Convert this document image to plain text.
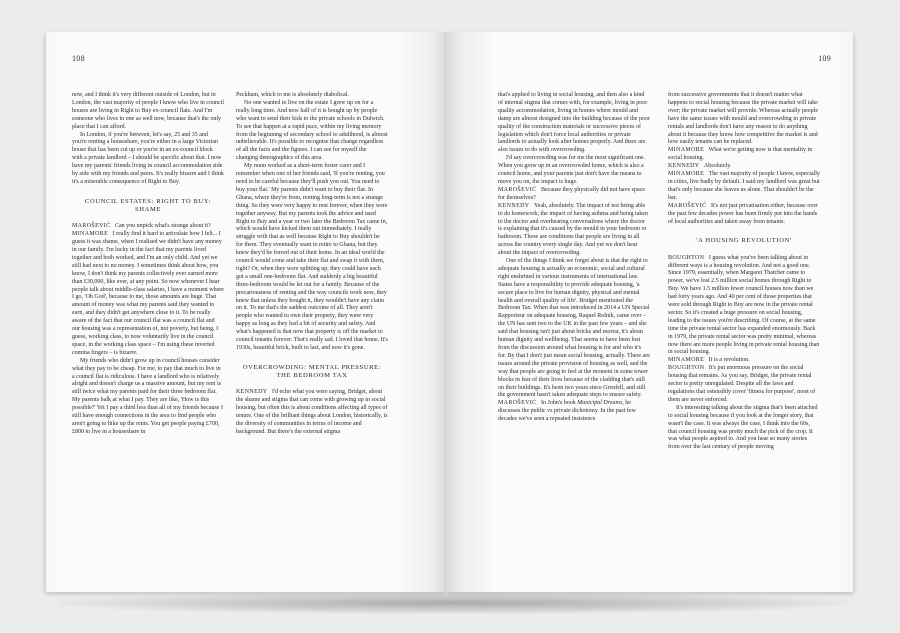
108

now, and I think it's very different outside of London, but in London, the vast majority of people I know who live in council houses are living in Right to Buy ex-council flats. And I'm someone who lives in one as well now, because that's the only place that I can afford.

In London, if you're between, let's say, 25 and 35 and you're renting a houseshare, you're either in a large Victorian house that has been cut up or you're in an ex-council block with a private landlord – I should be specific about that. I now have my parents' friends living in council accommodation side by side with my friends and peers. It's really bizarre and I think it's a miserable consequence of Right to Buy.

COUNCIL ESTATES: RIGHT TO BUY: SHAME

MAROŠEVIĆ Can you unpick what's strange about it?

MINAMORE I really find it hard to articulate how I felt... I guess it was shame, when I realised we didn't have any money in our family. I'm lucky in the fact that my parents lived together and both worked, and I'm an only child. And yet we still had next to no money. I sometimes think about how, you know, I don't think my parents collectively ever earned more than £30,000, like ever, at any point. So now whenever I hear people talk about middle-class salaries, I have a moment where I go, 'Oh God', because to me, those amounts are huge. That amount of money was what my parents said they wanted to earn, and they didn't get anywhere close to it. To be really aware of the fact that our council flat was a council flat and our housing was a representation of, not poverty, but being, I guess, working class, to now voluntarily live in the council space, in the working class space – I'm using these inverted comma fingers – is bizarre.

My friends who didn't grow up in council houses consider what they pay to be cheap. For me, to pay that much to live in a council flat is ridiculous. I have a landlord who is relatively alright and doesn't charge us a massive amount, but my rent is still twice what my parents paid for their three bedroom flat. My parents balk at what I pay. They are like, 'How is this possible?' Yet I pay a third less than all of my friends because I still have enough connections in the area to find people who aren't going to hike up the rents. You get people paying £700, £800 to live in a houseshare in

Peckham, which to me is absolutely diabolical.

No one wanted to live on the estate I grew up on for a really long time. And now half of it is bought up by people who want to send their kids to the private schools in Dulwich. To see that happen at a rapid pace, within my living memory from the beginning of secondary school to adulthood, is almost unbelievable. It's possible to recognise that change regardless of all the facts and the figures. I can see for myself the changing demographics of this area.

My mum worked as a short-term foster carer and I remember when one of her friends said, 'If you're renting, you need to be careful because they'll push you out. You need to buy your flat.' My parents didn't want to buy their flat. In Ghana, where they're from, renting long-term is not a strange thing. So they were very happy to rent forever, when they were together anyway. But my parents took the advice and used Right to Buy and a year or two later the Bedroom Tax came in, which would have kicked them out immediately. I really struggle with that as well because Right to Buy shouldn't be for them. They eventually want to retire to Ghana, but they knew they'd be forced out of their home. In an ideal world the council would come and take their flat and swap it with them, right? Or, when they were splitting up, they could have each got a small one-bedroom flat. And suddenly a big beautiful three-bedroom would be let out for a family. Because of the precariousness of renting and the way councils work now, they knew that unless they bought it, they wouldn't have any claim on it. To me that's the saddest outcome of all. They aren't people who wanted to own their property, they were very happy as long as they had a bit of security and safety. And what's happened is that now that property is off the market to council tenants forever. That's really sad. I loved that home. It's 1930s, beautiful brick, built to last, and now it's gone.

OVERCROWDING: MENTAL PRESSURE: THE BEDROOM TAX

KENNEDY I'd echo what you were saying, Bridget, about the shame and stigma that can come with growing up in social housing, but often this is about conditions affecting all types of tenure. One of the brilliant things about London, historically, is the diversity of communities in terms of income and background. But there's the external stigma

109

that's applied to living in social housing, and then also a kind of internal stigma that comes with, for example, living in poor quality accommodation, living in homes where mould and damp are almost designed into the building because of the poor quality of the construction materials or successive pieces of legislation which don't force local authorities or private landlords to actually look after homes properly. And there are also issues to do with overcrowding.

I'd say overcrowding was for me the most significant one. When you grow up in an overcrowded home, which is also a council home, and your parents just don't have the means to move you on, the impact is huge.

MAROŠEVIĆ Because they physically did not have space for themselves?

KENNEDY Yeah, absolutely. The impact of not being able to do homework; the impact of having asthma and being taken to the doctor and overhearing conversations where the doctor is explaining that it's caused by the mould in your bedroom or bathroom. These are conditions that people are living in all across the country every single day. And yet we don't hear about the impact of overcrowding.

One of the things I think we forget about is that the right to adequate housing is actually an economic, social and cultural right enshrined in various instruments of international law. States have a responsibility to provide adequate housing, 'a secure place to live for human dignity, physical and mental health and overall quality of life'. Bridget mentioned the Bedroom Tax. When that was introduced in 2014 a UN Special Rapporteur on adequate housing, Raquel Rolnik, came over – the UN has sent two to the UK in the past few years – and she said that housing isn't just about bricks and mortar, it's about human dignity and wellbeing. That seems to have been lost from the discussion around what housing is for and who it's for. By that I don't just mean social housing, actually. There are issues around the private provision of housing as well, and the way that people are going to feel at the moment in some tower blocks in fear of their lives because of the cladding that's still on their buildings. It's been two years since Grenfell, and still the government hasn't taken adequate steps to ensure safety.

MAROŠEVIĆ In John's book Municipal Dreams, he discusses the public vs private dichotomy. In the past few decades we've seen a repeated insistence

from successive governments that it doesn't matter what happens to social housing because the private market will take over; the private market will provide. Whereas actually people have the same issues with mould and overcrowding in private rentals and landlords don't have any reason to do anything about it because they know how competitive the market is and how easily tenants can be replaced.

MINAMORE What we're getting now is that mentality in social housing.

KENNEDY Absolutely.

MINAMORE The vast majority of people I know, especially in cities, live badly by default. I said my landlord was great but that's only because she leaves us alone. That shouldn't be the bar.

MAROŠEVIĆ It's not just privatisation either, because over the past few decades power has been firmly put into the hands of local authorities and taken away from tenants.

'A HOUSING REVOLUTION'

BOUGHTON I guess what you've been talking about in different ways is a housing revolution. And not a good one. Since 1979, essentially, when Margaret Thatcher came to power, we've lost 2.5 million social homes through Right to Buy. We have 1.5 million fewer council houses now than we had forty years ago. And 40 per cent of those properties that were sold through Right to Buy are now in the private rental sector. So it's created a huge pressure on social housing, leading to the issues you're describing. Of course, at the same time the private rental sector has expanded enormously. Back in 1979, the private rental sector was pretty minimal, whereas now there are more people living in private rental housing than in social housing.

MINAMORE It is a revolution.

BOUGHTON It's put enormous pressure on the social housing that remains. As you say, Bridget, the private rental sector is pretty unregulated. Despite all the laws and regulations that ostensibly cover 'fitness for purpose', most of them are never enforced.

It's interesting talking about the stigma that's been attached to social housing because if you look at the longer story, that wasn't the case. It was always the case, I think into the 60s, that council housing was pretty much the pick of the crop. It was what people aspired to. And you hear so many stories from over the last century of people moving
